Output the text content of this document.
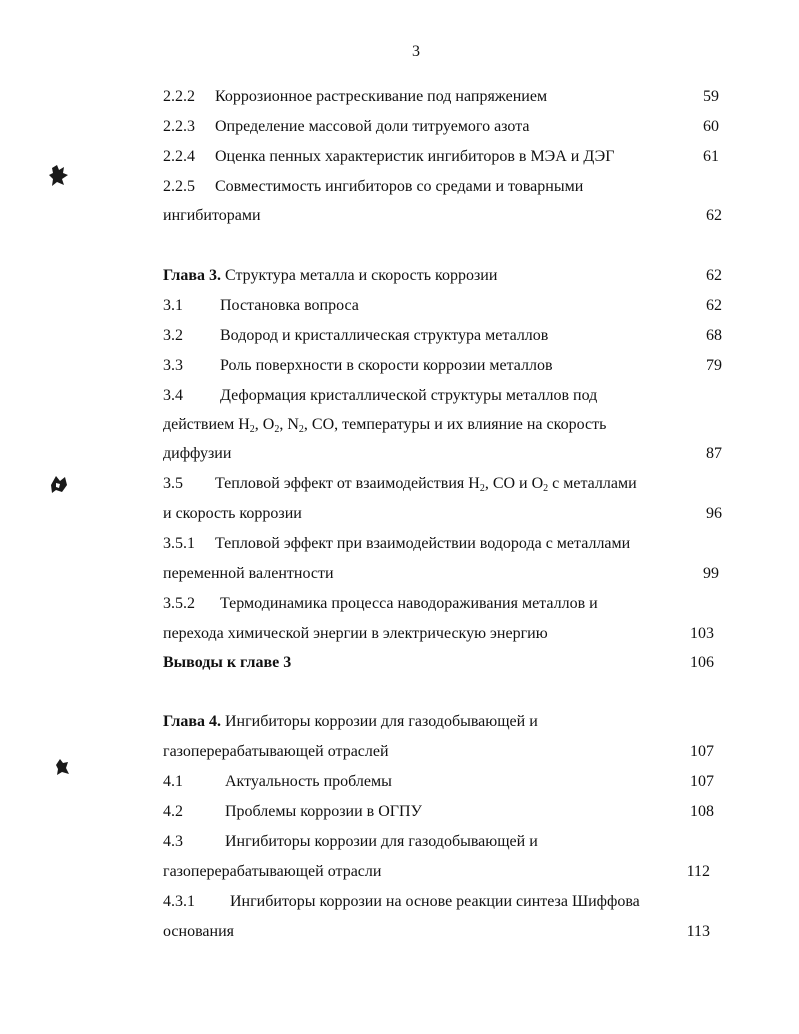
3
2.2.2 Коррозионное растрескивание под напряжением	59
2.2.3 Определение массовой доли титруемого азота	60
2.2.4 Оценка пенных характеристик ингибиторов в МЭА и ДЭГ	61
2.2.5 Совместимость ингибиторов со средами и товарными
ингибиторами	62
Глава 3. Структура металла и скорость коррозии	62
3.1 Постановка вопроса	62
3.2 Водород и кристаллическая структура металлов	68
3.3 Роль поверхности в скорости коррозии металлов	79
3.4 Деформация кристаллической структуры металлов под
действием $H_2$, $O_2$, $N_2$, CO, температуры и их влияние на скорость
диффузии	87
3.5 Тепловой эффект от взаимодействия $H_2$, CO и $O_2$ с металлами
и скорость коррозии	96
3.5.1 Тепловой эффект при взаимодействии водорода с металлами
переменной валентности	99
3.5.2 Термодинамика процесса наводораживания металлов и
перехода химической энергии в электрическую энергию	103
Выводы к главе 3	106
Глава 4. Ингибиторы коррозии для газодобывающей и
газоперерабатывающей отраслей	107
4.1	Актуальность проблемы	107
4.2	Проблемы коррозии в ОГПУ	108
4.3	Ингибиторы коррозии для газодобывающей и
газоперерабатывающей отрасли	112
4.3.1 Ингибиторы коррозии на основе реакции синтеза Шиффова
основания	113
